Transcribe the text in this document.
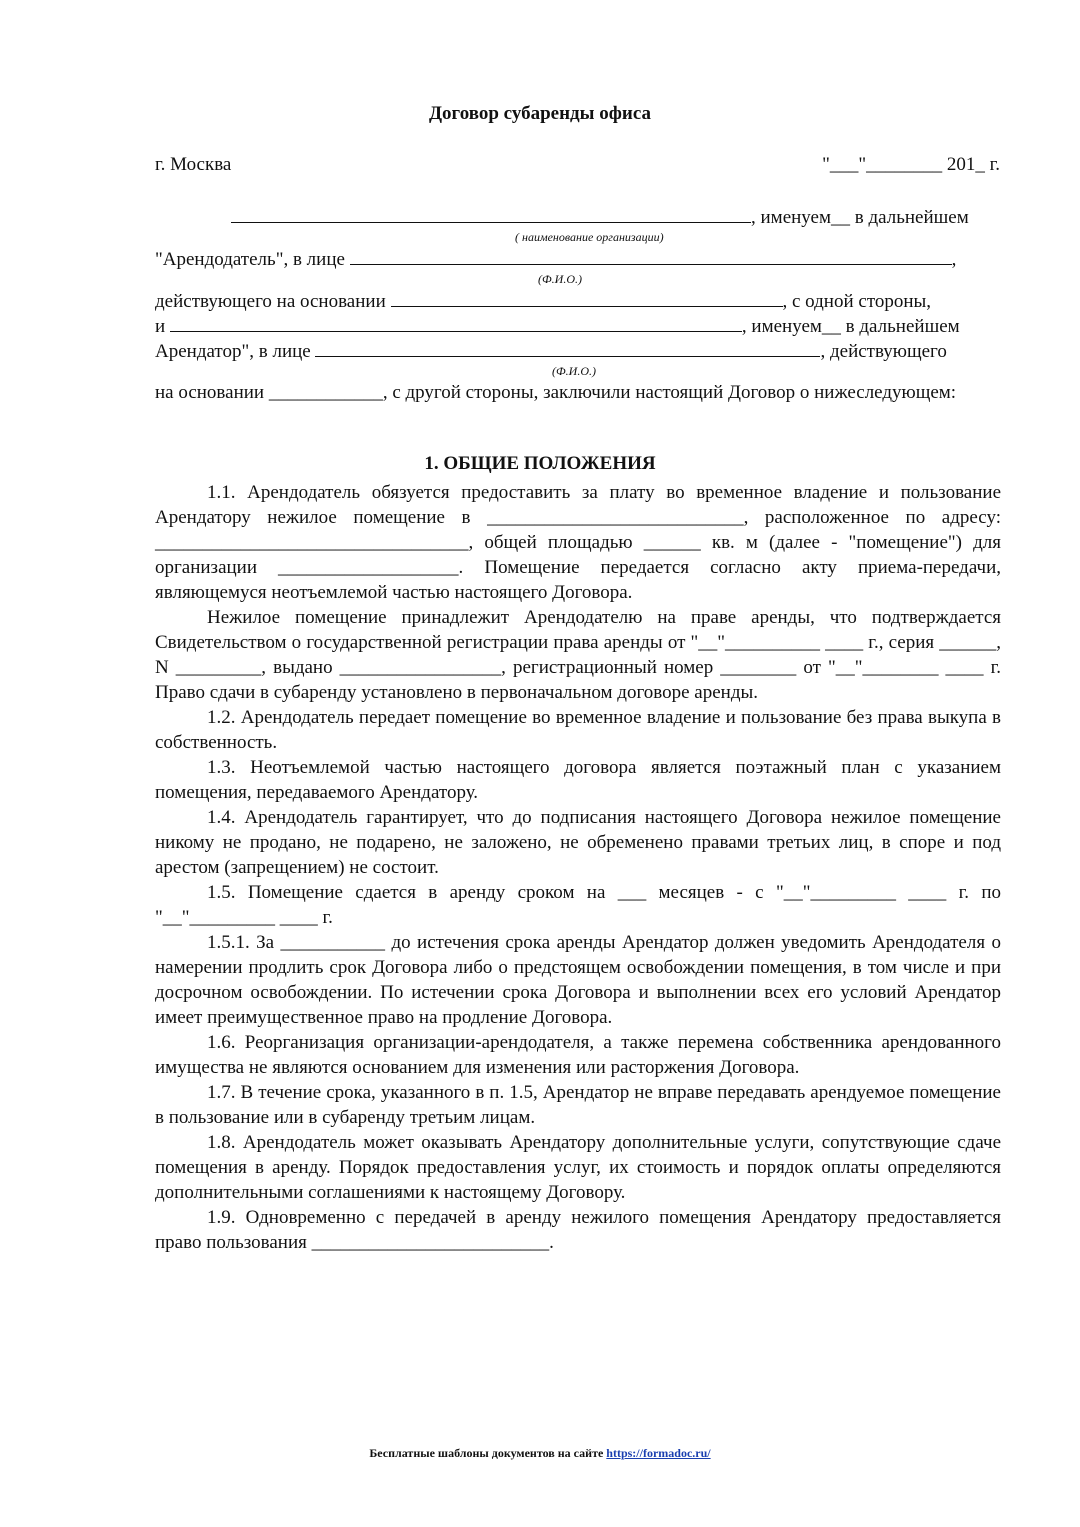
Договор субаренды офиса
г. Москва	"___"________ 201_ г.
, именуем__ в дальнейшем
( наименование организации)
"Арендодатель", в лице	,
(Ф.И.О.)
действующего на основании	, с одной стороны,
и	, именуем__ в дальнейшем
Арендатор", в лице	, действующего
(Ф.И.О.)
на основании ____________, с другой стороны, заключили настоящий Договор о нижеследующем:
1. ОБЩИЕ ПОЛОЖЕНИЯ

1.1. Арендодатель обязуется предоставить за плату во временное владение и пользование Арендатору нежилое помещение в ___________________________, расположенное по адресу: _________________________________, общей площадью ______ кв. м (далее - "помещение") для организации ___________________. Помещение передается согласно акту приема-передачи, являющемуся неотъемлемой частью настоящего Договора.

Нежилое помещение принадлежит Арендодателю на праве аренды, что подтверждается Свидетельством о государственной регистрации права аренды от "__"__________ ____ г., серия ______, N _________, выдано _________________, регистрационный номер ________ от "__"________ ____ г. Право сдачи в субаренду установлено в первоначальном договоре аренды.

1.2. Арендодатель передает помещение во временное владение и пользование без права выкупа в собственность.

1.3. Неотъемлемой частью настоящего договора является поэтажный план с указанием помещения, передаваемого Арендатору.

1.4. Арендодатель гарантирует, что до подписания настоящего Договора нежилое помещение никому не продано, не подарено, не заложено, не обременено правами третьих лиц, в споре и под арестом (запрещением) не состоит.

1.5. Помещение сдается в аренду сроком на ___ месяцев - с "__"_________ ____ г. по "__"_________ ____ г.

1.5.1. За ___________ до истечения срока аренды Арендатор должен уведомить Арендодателя о намерении продлить срок Договора либо о предстоящем освобождении помещения, в том числе и при досрочном освобождении. По истечении срока Договора и выполнении всех его условий Арендатор имеет преимущественное право на продление Договора.

1.6. Реорганизация организации-арендодателя, а также перемена собственника арендованного имущества не являются основанием для изменения или расторжения Договора.

1.7. В течение срока, указанного в п. 1.5, Арендатор не вправе передавать арендуемое помещение в пользование или в субаренду третьим лицам.

1.8. Арендодатель может оказывать Арендатору дополнительные услуги, сопутствующие сдаче помещения в аренду. Порядок предоставления услуг, их стоимость и порядок оплаты определяются дополнительными соглашениями к настоящему Договору.

1.9. Одновременно с передачей в аренду нежилого помещения Арендатору предоставляется право пользования _________________________.

Бесплатные шаблоны документов на сайте https://formadoc.ru/
